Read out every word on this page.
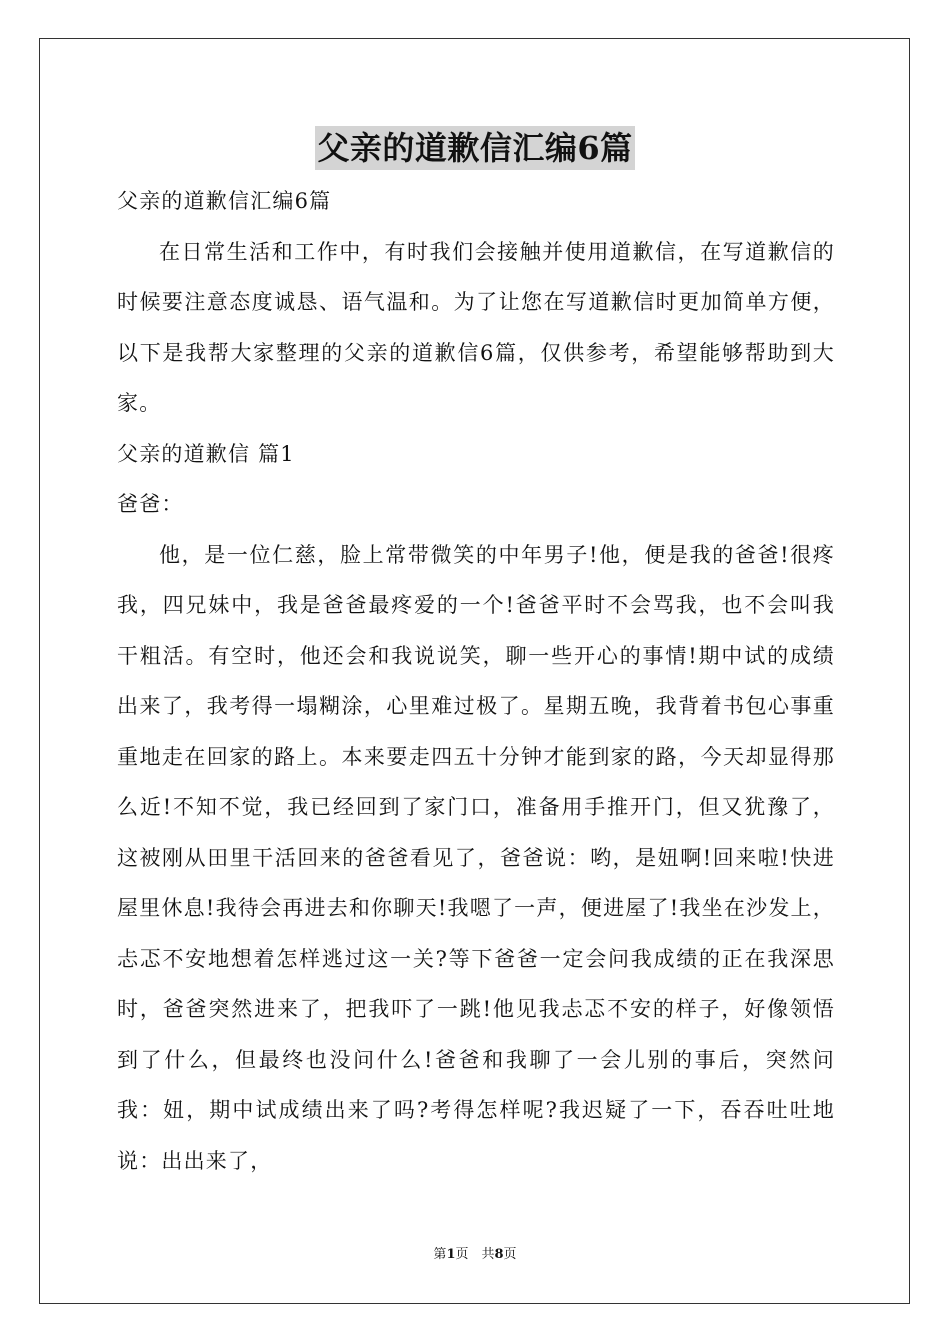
父亲的道歉信汇编6篇

父亲的道歉信汇编6篇

在日常生活和工作中，有时我们会接触并使用道歉信，在写道歉信的时候要注意态度诚恳、语气温和。为了让您在写道歉信时更加简单方便，以下是我帮大家整理的父亲的道歉信6篇，仅供参考，希望能够帮助到大家。

父亲的道歉信 篇1

爸爸：

他，是一位仁慈，脸上常带微笑的中年男子!他，便是我的爸爸!很疼我，四兄妹中，我是爸爸最疼爱的一个!爸爸平时不会骂我，也不会叫我干粗活。有空时，他还会和我说说笑，聊一些开心的事情!期中试的成绩出来了，我考得一塌糊涂，心里难过极了。星期五晚，我背着书包心事重重地走在回家的路上。本来要走四五十分钟才能到家的路，今天却显得那么近!不知不觉，我已经回到了家门口，准备用手推开门，但又犹豫了，这被刚从田里干活回来的爸爸看见了，爸爸说：哟，是妞啊!回来啦!快进屋里休息!我待会再进去和你聊天!我嗯了一声，便进屋了!我坐在沙发上，忐忑不安地想着怎样逃过这一关?等下爸爸一定会问我成绩的正在我深思时，爸爸突然进来了，把我吓了一跳!他见我忐忑不安的样子，好像领悟到了什么，但最终也没问什么!爸爸和我聊了一会儿别的事后，突然问我：妞，期中试成绩出来了吗?考得怎样呢?我迟疑了一下，吞吞吐吐地说：出出来了，

第1页　共8页
